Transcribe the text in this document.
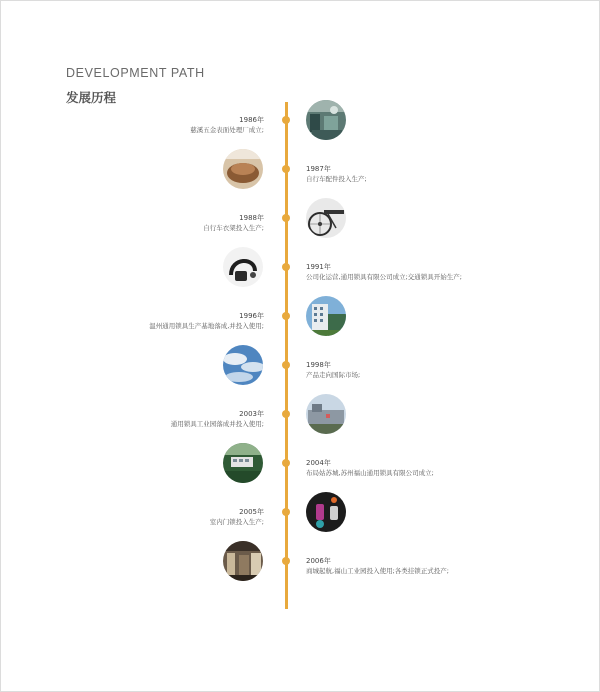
DEVELOPMENT PATH
发展历程
1986年
慈溪五金表面处理厂成立;
1987年
自行车配件投入生产;
1988年
自行车衣架投入生产;
1991年
公司化运营,通用锁具有限公司成立;交通锁具开始生产;
1996年
温州通用锁具生产基地落成,并投入使用;
1998年
产品走向国际市场;
2003年
通用锁具工业园落成并投入使用;
2004年
布局姑苏城,苏州福山通用锁具有限公司成立;
2005年
室内门锁投入生产;
2006年
商城起航,福山工业园投入使用;各类挂锁正式投产;
